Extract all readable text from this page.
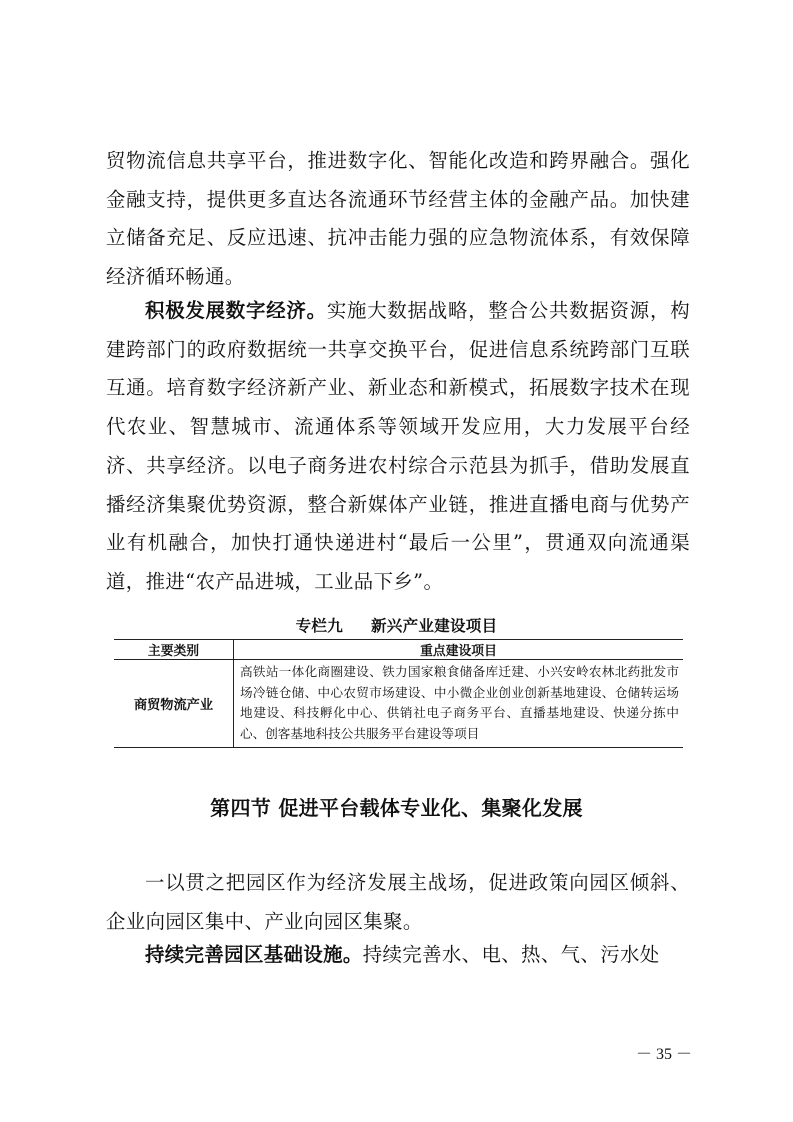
贸物流信息共享平台，推进数字化、智能化改造和跨界融合。强化金融支持，提供更多直达各流通环节经营主体的金融产品。加快建立储备充足、反应迅速、抗冲击能力强的应急物流体系，有效保障经济循环畅通。

积极发展数字经济。实施大数据战略，整合公共数据资源，构建跨部门的政府数据统一共享交换平台，促进信息系统跨部门互联互通。培育数字经济新产业、新业态和新模式，拓展数字技术在现代农业、智慧城市、流通体系等领域开发应用，大力发展平台经济、共享经济。以电子商务进农村综合示范县为抓手，借助发展直播经济集聚优势资源，整合新媒体产业链，推进直播电商与优势产业有机融合，加快打通快递进村“最后一公里”，贯通双向流通渠道，推进“农产品进城，工业品下乡”。

专栏九 新兴产业建设项目
主要类别	重点建设项目
商贸物流产业	高铁站一体化商圈建设、铁力国家粮食储备库迁建、小兴安岭农林北药批发市场冷链仓储、中心农贸市场建设、中小微企业创业创新基地建设、仓储转运场地建设、科技孵化中心、供销社电子商务平台、直播基地建设、快递分拣中心、创客基地科技公共服务平台建设等项目
第四节 促进平台载体专业化、集聚化发展

一以贯之把园区作为经济发展主战场，促进政策向园区倾斜、企业向园区集中、产业向园区集聚。

持续完善园区基础设施。持续完善水、电、热、气、污水处

－ 35 －
